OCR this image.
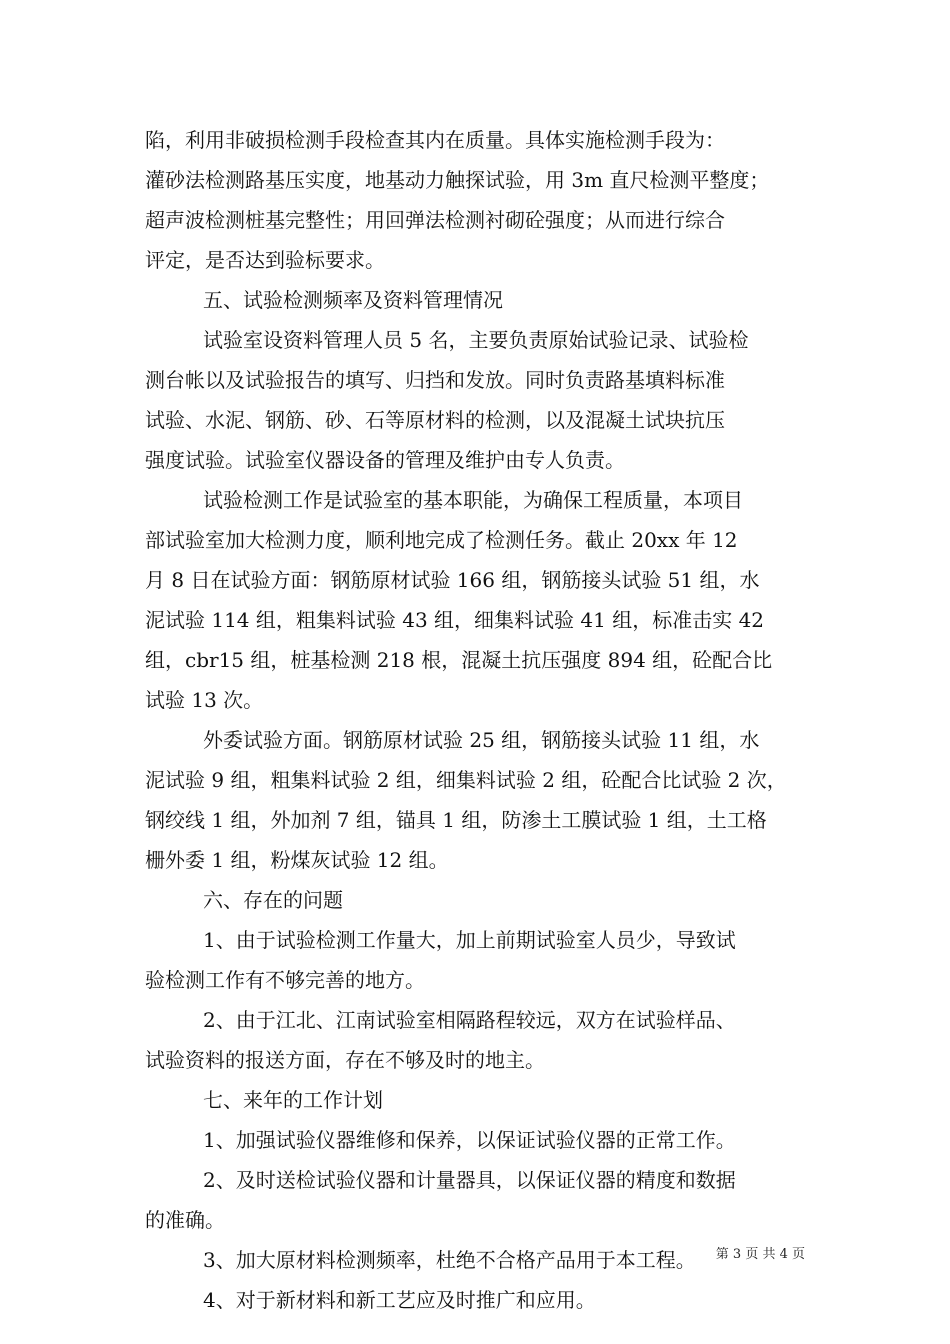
陷，利用非破损检测手段检查其内在质量。具体实施检测手段为：
灌砂法检测路基压实度，地基动力触探试验，用 3m 直尺检测平整度；
超声波检测桩基完整性；用回弹法检测衬砌砼强度；从而进行综合
评定，是否达到验标要求。
五、试验检测频率及资料管理情况
试验室设资料管理人员 5 名，主要负责原始试验记录、试验检
测台帐以及试验报告的填写、归挡和发放。同时负责路基填料标准
试验、水泥、钢筋、砂、石等原材料的检测，以及混凝土试块抗压
强度试验。试验室仪器设备的管理及维护由专人负责。
试验检测工作是试验室的基本职能，为确保工程质量，本项目
部试验室加大检测力度，顺利地完成了检测任务。截止 20xx 年 12
月 8 日在试验方面：钢筋原材试验 166 组，钢筋接头试验 51 组，水
泥试验 114 组，粗集料试验 43 组，细集料试验 41 组，标准击实 42
组，cbr15 组，桩基检测 218 根，混凝土抗压强度 894 组，砼配合比
试验 13 次。
外委试验方面。钢筋原材试验 25 组，钢筋接头试验 11 组，水
泥试验 9 组，粗集料试验 2 组，细集料试验 2 组，砼配合比试验 2 次，
钢绞线 1 组，外加剂 7 组，锚具 1 组，防渗土工膜试验 1 组，土工格
栅外委 1 组，粉煤灰试验 12 组。
六、存在的问题
1、由于试验检测工作量大，加上前期试验室人员少，导致试
验检测工作有不够完善的地方。
2、由于江北、江南试验室相隔路程较远，双方在试验样品、
试验资料的报送方面，存在不够及时的地主。
七、来年的工作计划
1、加强试验仪器维修和保养，以保证试验仪器的正常工作。
2、及时送检试验仪器和计量器具，以保证仪器的精度和数据
的准确。
3、加大原材料检测频率，杜绝不合格产品用于本工程。
4、对于新材料和新工艺应及时推广和应用。
第 3 页 共 4 页
